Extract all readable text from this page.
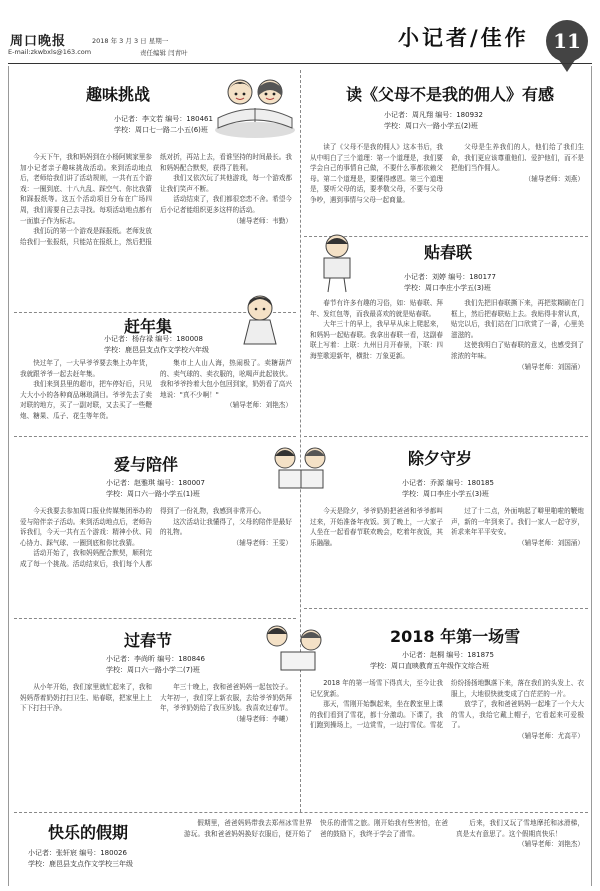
周口晚报	2018 年 3 月 3 日 星期一
E-mail:zkwbxls@163.com	责任编辑 闫青叶
小记者/佳作	11
趣味挑战
小记者：李文若 编号：180461
学校：周口七一路二小五(6)班

今天下午，我和妈妈到在小杨阿姨家里参加小记者亲子趣味挑战活动。来到活动地点后，老师给我们讲了活动规则，一共有五个游戏：一圈到底、十八九乱、踩空气、你比我猜和踩报纸等。这五个活动项目分布在广场四周，我们需要自己去寻找。每项活动地点都有一面旗子作为标志。

我们玩的第一个游戏是踩报纸。老师发放给我们一张报纸，只能站在报纸上，然后把报纸对折，再站上去，看谁坚持的时间最长。我和妈妈配合默契，获得了胜利。

我们又依次玩了其他游戏，每一个游戏都让我们笑声不断。

活动结束了，我们都很恋恋不舍。希望今后小记者能组织更多这样的活动。

（辅导老师：韦勤）

赶年集
小记者：杨存禄 编号：180008
学校：鹿邑县支点作文学校六年级

快过年了，一大早爷爷要去集上办年货，我就跟爷爷一起去赶年集。

我们来到县里的超市，把车停好后，只见大大小小的各种商品琳琅满目。爷爷先去了卖对联的地方，买了一副对联，又去买了一些鞭炮、糖果、瓜子、花生等年货。

集市上人山人海，热闹极了。卖糖葫芦的、卖气球的、卖衣服的，吆喝声此起彼伏。我和爷爷拎着大包小包回到家，奶奶看了高兴地说："真不少啊！"

（辅导老师：刘艳杰）

爱与陪伴
小记者：赵雅琪 编号：180007
学校：周口六一路小学五(1)班

今天我要去参加周口报业传媒集团举办的爱与陪伴亲子活动。来到活动地点后，老师告诉我们，今天一共有五个游戏：精神小伙、同心协力、踩气球、一圈到底和你比我猜。

活动开始了，我和妈妈配合默契，顺利完成了每一个挑战。活动结束后，我们每个人都得到了一份礼物，我感到非常开心。

这次活动让我懂得了，父母的陪伴是最好的礼物。

（辅导老师：王雯）

过春节
小记者：李尚昕 编号：180846
学校：周口六一路小学二(7)班

从小年开始，我们家里就忙起来了，我和妈妈帮着奶奶打扫卫生、贴春联，把家里上上下下打扫干净。

年三十晚上，我和爸爸妈妈一起包饺子。大年初一，我们穿上新衣服，去给爷爷奶奶拜年，爷爷奶奶给了我压岁钱。我喜欢过春节。

（辅导老师：李曦）

读《父母不是我的佣人》有感
小记者：周凡翔 编号：180932
学校：周口六一路小学五(2)班

读了《父母不是我的佣人》这本书后，我从中明白了三个道理：第一个道理是，我们要学会自己的事情自己做，不要什么事都依赖父母。第二个道理是，要懂得感恩。第三个道理是，要听父母的话，要孝敬父母，不要与父母争吵，遇到事情与父母一起商量。

父母是生养我们的人，他们给了我们生命，我们更应该尊重他们、爱护他们，而不是把他们当作佣人。

（辅导老师：刘燕）

贴春联
小记者：刘婷 编号：180177
学校：周口李庄小学五(3)班

春节有许多有趣的习俗，如：贴春联、拜年、发红包等，而我最喜欢的就是贴春联。

大年三十的早上，我早早从床上爬起来，和妈妈一起贴春联。我拿出春联一看，这副春联上写着：上联：九州日月开春景，下联：四海笙歌迎新年，横批：万象更新。

我们先把旧春联撕下来，再把浆糊刷在门框上，然后把春联贴上去。我贴得非常认真，贴完以后，我们站在门口欣赏了一番，心里美滋滋的。

这使我明白了贴春联的意义，也感受到了浓浓的年味。

（辅导老师：刘国涌）

除夕守岁
小记者：乔源 编号：180185
学校：周口李庄小学五(3)班

今天是除夕，爷爷奶奶把爸爸和爷爷都叫过来，开始准备年夜饭。到了晚上，一大家子人坐在一起看春节联欢晚会，吃着年夜饭，其乐融融。

过了十二点，外面响起了噼里啪啦的鞭炮声，新的一年到来了。我们一家人一起守岁，祈求来年平平安安。

（辅导老师：刘国涌）

2018 年第一场雪
小记者：赵桐 编号：181875
学校：周口直映教育五年级作文综合班

2018 年的第一场雪下得真大，至今让我记忆犹新。

那天，雪刚开始飘起来，坐在教室里上课的我们看到了雪花，都十分激动。下课了，我们跑到操场上，一边赏雪，一边打雪仗。雪花纷纷扬扬地飘落下来，落在我们的头发上、衣服上，大地很快就变成了白茫茫的一片。

放学了，我和爸爸妈妈一起堆了一个大大的雪人，我给它戴上帽子，它看起来可爱极了。

（辅导老师：尤高平）

快乐的假期
小记者：张轩宸 编号：180026
学校：鹿邑县支点作文学校三年级

假期里，爸爸妈妈带我去郑州冰雪世界游玩。我和爸爸妈妈换好衣服后，便开始了快乐的滑雪之旅。刚开始我有些害怕，在爸爸的鼓励下，我终于学会了滑雪。

后来，我们又玩了雪地摩托和冰滑梯，真是太有意思了。这个假期真快乐！

（辅导老师：刘艳杰）
